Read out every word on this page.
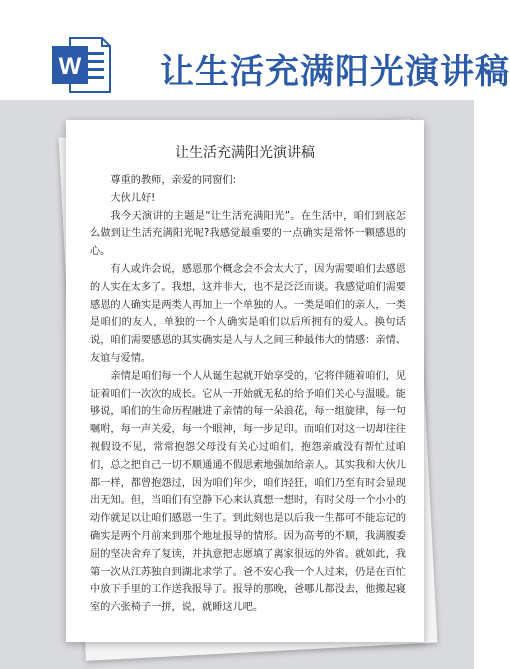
W 让生活充满阳光演讲稿
让生活充满阳光演讲稿

尊重的教师，亲爱的同窗们:

大伙儿好!

我今天演讲的主题是“让生活充满阳光”。在生活中，咱们到底怎么做到让生活充满阳光呢?我感觉最重要的一点确实是常怀一颗感恩的心。

有人或许会说，感恩那个概念会不会太大了，因为需要咱们去感恩的人实在太多了。我想，这并非大，也不是泛泛而谈。我感觉咱们需要感恩的人确实是两类人再加上一个单独的人。一类是咱们的亲人，一类是咱们的友人，单独的一个人确实是咱们以后所拥有的爱人。换句话说，咱们需要感恩的其实确实是人与人之间三种最伟大的情感：亲情、友谊与爱情。

亲情是咱们每一个人从诞生起就开始享受的，它将伴随着咱们，见证着咱们一次次的成长。它从一开始就无私的给予咱们关心与温暖。能够说，咱们的生命历程融进了亲情的每一朵浪花，每一组旋律，每一句嘱咐，每一声关爱，每一个眼神，每一步足印。而咱们对这一切却往往视假设不见，常常抱怨父母没有关心过咱们，抱怨亲戚没有帮忙过咱们，总之把自己一切不顺通通不假思索地强加给亲人。其实我和大伙儿都一样，都曾抱怨过，因为咱们年少，咱们轻狂，咱们乃至有时会显现出无知。但，当咱们有空静下心来认真想一想时，有时父母一个小小的动作就足以让咱们感恩一生了。到此刻也是以后我一生都可不能忘记的确实是两个月前来到那个地址报导的情形。因为高考的不顺，我满腹委屈的坚决舍弃了复读，并执意把志愿填了离家很远的外省。就如此，我第一次从江苏独自到湖北求学了。爸不安心我一个人过来，仍是在百忙中放下手里的工作送我报导了。报导的那晚，爸哪儿都没去，他搬起寝室的六张椅子一拼，说，就睡这儿吧。
